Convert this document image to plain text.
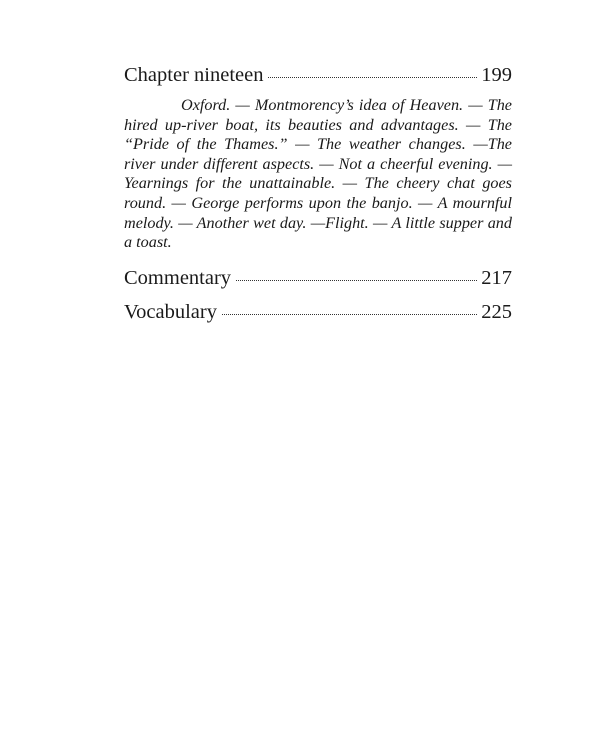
Chapter nineteen	199

Oxford. — Montmorency’s idea of Heaven. — The hired up-river boat, its beauties and advantages. — The “Pride of the Thames.” — The weather changes. —The river under different aspects. — Not a cheerful evening. — Yearnings for the unattainable. — The cheery chat goes round. — George performs upon the banjo. — A mournful melody. — Another wet day. —Flight. — A little supper and a toast.

Commentary	217
Vocabulary	225
